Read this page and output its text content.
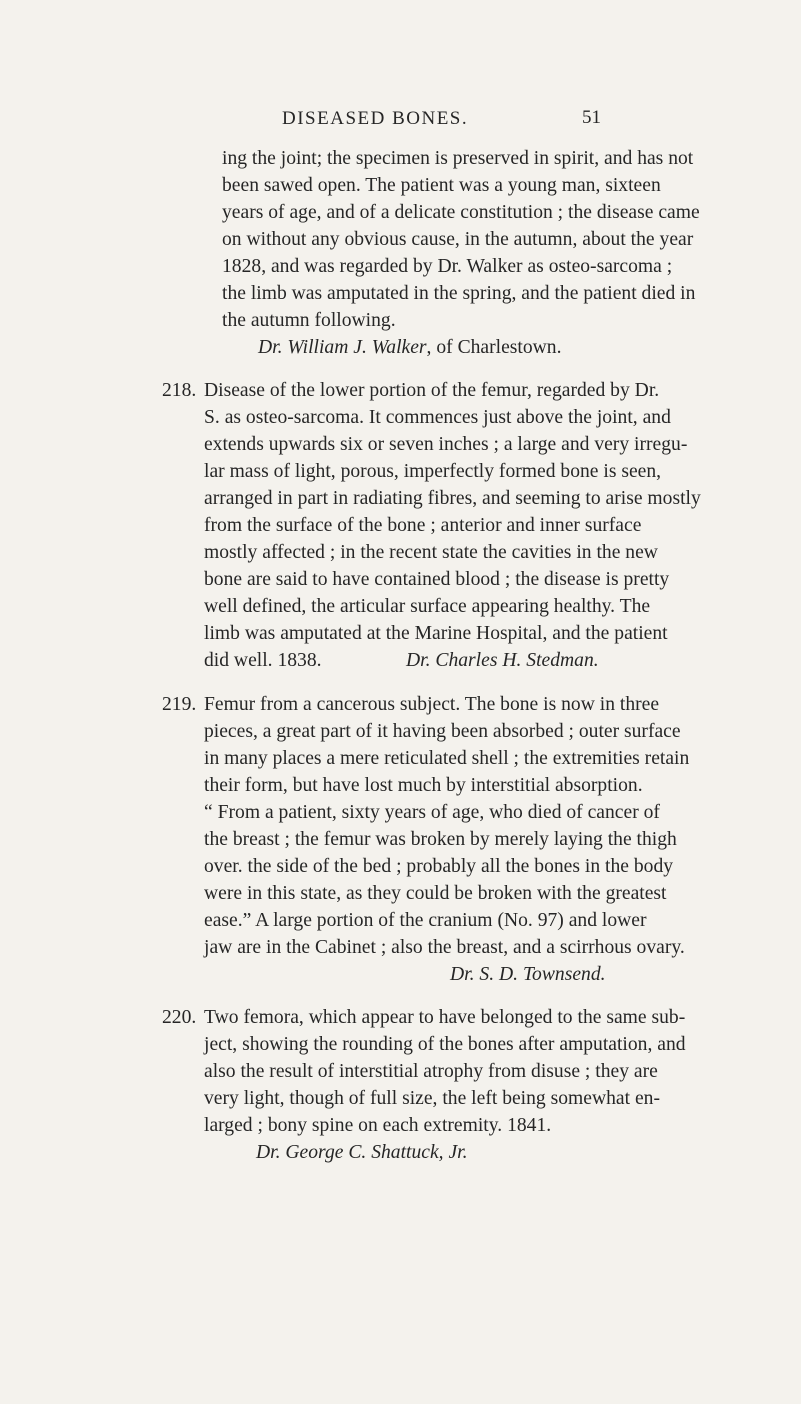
DISEASED BONES.	51
ing the joint; the specimen is preserved in spirit, and has not
been sawed open. The patient was a young man, sixteen
years of age, and of a delicate constitution ; the disease came
on without any obvious cause, in the autumn, about the year
1828, and was regarded by Dr. Walker as osteo-sarcoma ;
the limb was amputated in the spring, and the patient died in
the autumn following.
Dr. William J. Walker, of Charlestown.
218. Disease of the lower portion of the femur, regarded by Dr.
S. as osteo-sarcoma. It commences just above the joint, and
extends upwards six or seven inches ; a large and very irregu-
lar mass of light, porous, imperfectly formed bone is seen,
arranged in part in radiating fibres, and seeming to arise mostly
from the surface of the bone ; anterior and inner surface
mostly affected ; in the recent state the cavities in the new
bone are said to have contained blood ; the disease is pretty
well defined, the articular surface appearing healthy. The
limb was amputated at the Marine Hospital, and the patient
did well. 1838.	Dr. Charles H. Stedman.
219. Femur from a cancerous subject. The bone is now in three
pieces, a great part of it having been absorbed ; outer surface
in many places a mere reticulated shell ; the extremities retain
their form, but have lost much by interstitial absorption.
“ From a patient, sixty years of age, who died of cancer of
the breast ; the femur was broken by merely laying the thigh
over. the side of the bed ; probably all the bones in the body
were in this state, as they could be broken with the greatest
ease.” A large portion of the cranium (No. 97) and lower
jaw are in the Cabinet ; also the breast, and a scirrhous ovary.
Dr. S. D. Townsend.
220. Two femora, which appear to have belonged to the same sub-
ject, showing the rounding of the bones after amputation, and
also the result of interstitial atrophy from disuse ; they are
very light, though of full size, the left being somewhat en-
larged ; bony spine on each extremity. 1841.
Dr. George C. Shattuck, Jr.
